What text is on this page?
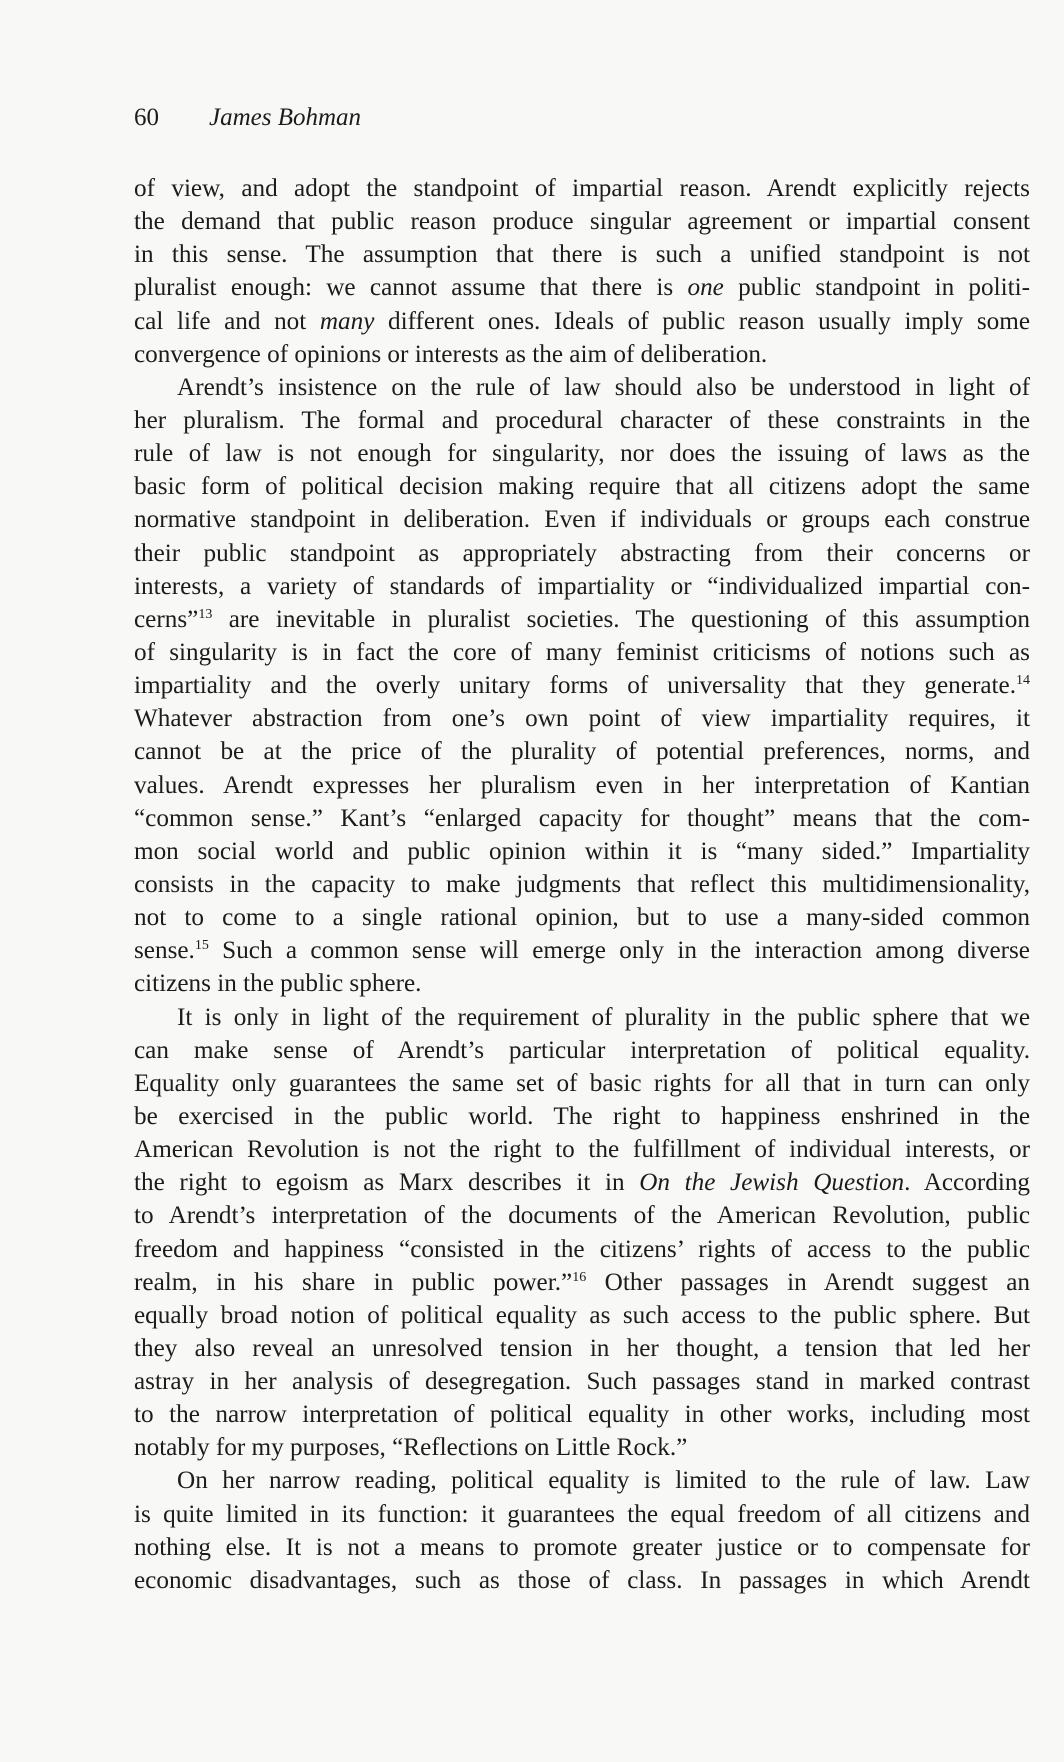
60 James Bohman
of view, and adopt the standpoint of impartial reason. Arendt explicitly rejects
the demand that public reason produce singular agreement or impartial consent
in this sense. The assumption that there is such a unified standpoint is not
pluralist enough: we cannot assume that there is one public standpoint in politi-
cal life and not many different ones. Ideals of public reason usually imply some
convergence of opinions or interests as the aim of deliberation.
Arendt’s insistence on the rule of law should also be understood in light of
her pluralism. The formal and procedural character of these constraints in the
rule of law is not enough for singularity, nor does the issuing of laws as the
basic form of political decision making require that all citizens adopt the same
normative standpoint in deliberation. Even if individuals or groups each construe
their public standpoint as appropriately abstracting from their concerns or
interests, a variety of standards of impartiality or “individualized impartial con-
cerns”$^{13}$ are inevitable in pluralist societies. The questioning of this assumption
of singularity is in fact the core of many feminist criticisms of notions such as
impartiality and the overly unitary forms of universality that they generate.$^{14}$
Whatever abstraction from one’s own point of view impartiality requires, it
cannot be at the price of the plurality of potential preferences, norms, and
values. Arendt expresses her pluralism even in her interpretation of Kantian
“common sense.” Kant’s “enlarged capacity for thought” means that the com-
mon social world and public opinion within it is “many sided.” Impartiality
consists in the capacity to make judgments that reflect this multidimensionality,
not to come to a single rational opinion, but to use a many-sided common
sense.$^{15}$ Such a common sense will emerge only in the interaction among diverse
citizens in the public sphere.
It is only in light of the requirement of plurality in the public sphere that we
can make sense of Arendt’s particular interpretation of political equality.
Equality only guarantees the same set of basic rights for all that in turn can only
be exercised in the public world. The right to happiness enshrined in the
American Revolution is not the right to the fulfillment of individual interests, or
the right to egoism as Marx describes it in On the Jewish Question. According
to Arendt’s interpretation of the documents of the American Revolution, public
freedom and happiness “consisted in the citizens’ rights of access to the public
realm, in his share in public power.”$^{16}$ Other passages in Arendt suggest an
equally broad notion of political equality as such access to the public sphere. But
they also reveal an unresolved tension in her thought, a tension that led her
astray in her analysis of desegregation. Such passages stand in marked contrast
to the narrow interpretation of political equality in other works, including most
notably for my purposes, “Reflections on Little Rock.”
On her narrow reading, political equality is limited to the rule of law. Law
is quite limited in its function: it guarantees the equal freedom of all citizens and
nothing else. It is not a means to promote greater justice or to compensate for
economic disadvantages, such as those of class. In passages in which Arendt
